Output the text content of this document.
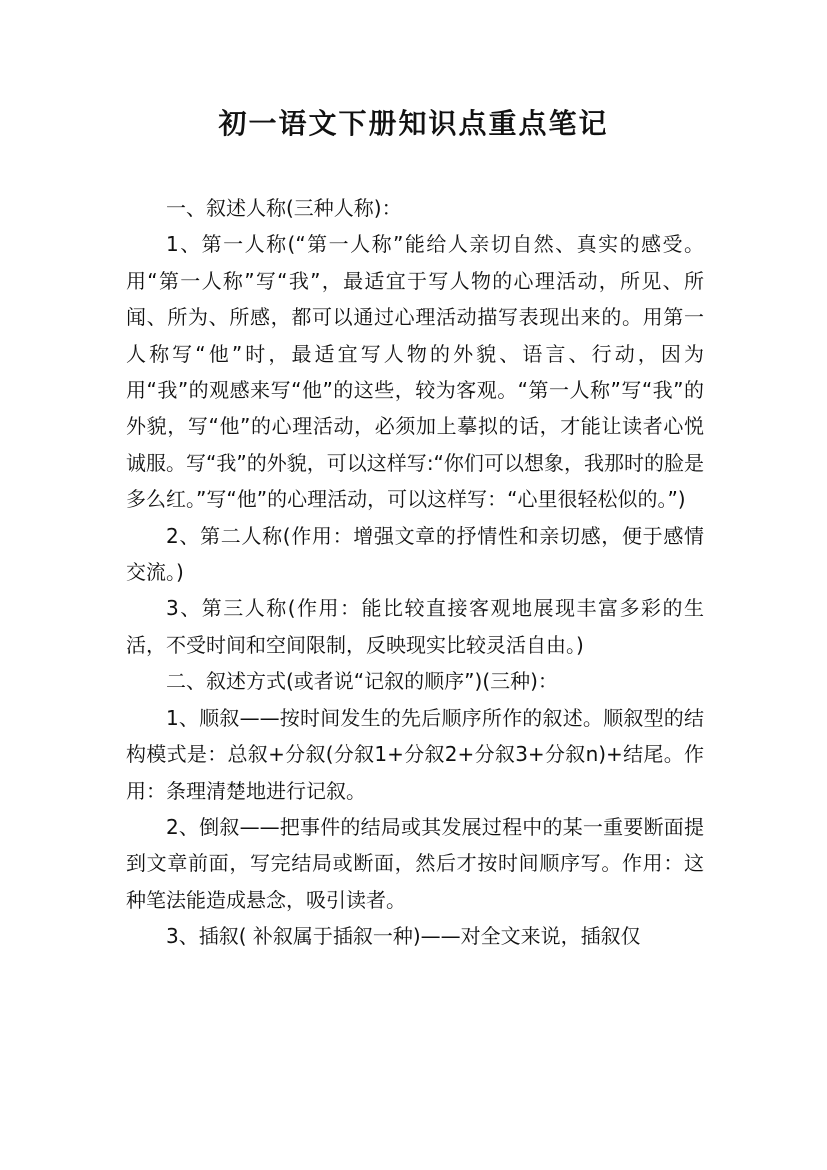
初一语文下册知识点重点笔记

一、叙述人称(三种人称)：

1、第一人称(“第一人称”能给人亲切自然、真实的感受。用“第一人称”写“我”，最适宜于写人物的心理活动，所见、所闻、所为、所感，都可以通过心理活动描写表现出来的。用第一人称写“他”时，最适宜写人物的外貌、语言、行动，因为用“我”的观感来写“他”的这些，较为客观。“第一人称”写“我”的外貌，写“他”的心理活动，必须加上摹拟的话，才能让读者心悦诚服。写“我”的外貌，可以这样写:“你们可以想象，我那时的脸是多么红。”写“他”的心理活动，可以这样写：“心里很轻松似的。”)

2、第二人称(作用：增强文章的抒情性和亲切感，便于感情交流。)

3、第三人称(作用：能比较直接客观地展现丰富多彩的生活，不受时间和空间限制，反映现实比较灵活自由。)

二、叙述方式(或者说“记叙的顺序”)(三种)：

1、顺叙——按时间发生的先后顺序所作的叙述。顺叙型的结构模式是：总叙+分叙(分叙1+分叙2+分叙3+分叙n)+结尾。作用：条理清楚地进行记叙。

2、倒叙——把事件的结局或其发展过程中的某一重要断面提到文章前面，写完结局或断面，然后才按时间顺序写。作用：这种笔法能造成悬念，吸引读者。

3、插叙( 补叙属于插叙一种)——对全文来说，插叙仅
